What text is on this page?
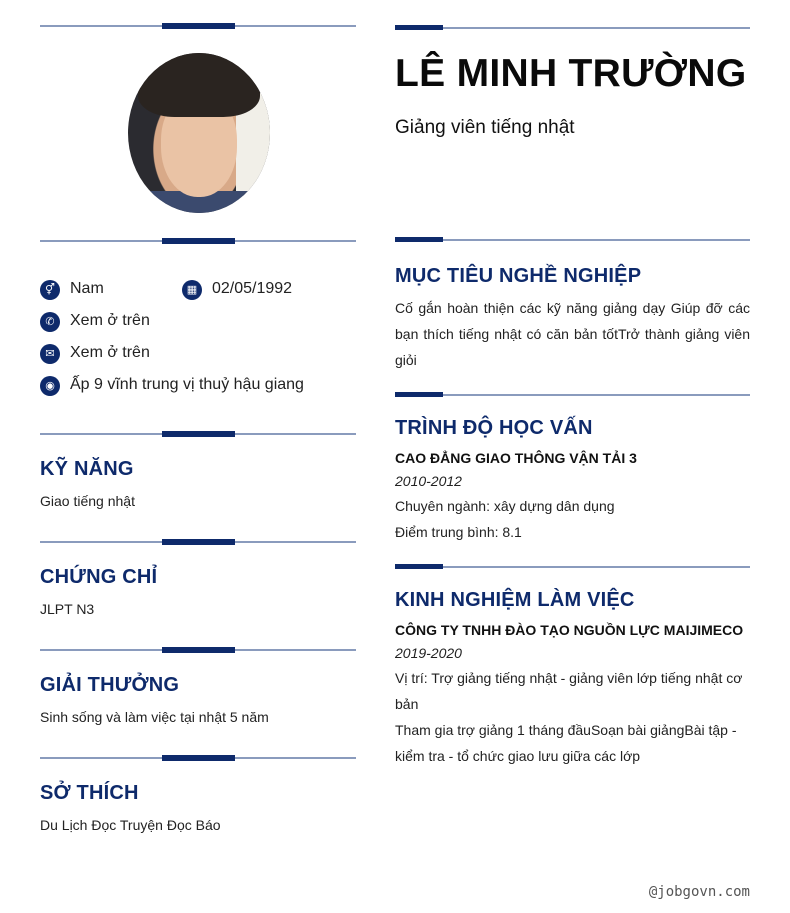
⚥ Nam	▦ 02/05/1992
✆ Xem ở trên
✉ Xem ở trên
◉ Ấp 9 vĩnh trung vị thuỷ hậu giang
KỸ NĂNG
Giao tiếng nhật
CHỨNG CHỈ
JLPT N3
GIẢI THƯỞNG
Sinh sống và làm việc tại nhật 5 năm
SỞ THÍCH
Du Lịch Đọc Truyện Đọc Báo
LÊ MINH TRƯỜNG
Giảng viên tiếng nhật
MỤC TIÊU NGHỀ NGHIỆP
Cố gắn hoàn thiện các kỹ năng giảng dạy Giúp đỡ các bạn thích tiếng nhật có căn bản tốtTrở thành giảng viên giỏi
TRÌNH ĐỘ HỌC VẤN
CAO ĐẲNG GIAO THÔNG VẬN TẢI 3
2010-2012
Chuyên ngành: xây dựng dân dụng
Điểm trung bình: 8.1
KINH NGHIỆM LÀM VIỆC
CÔNG TY TNHH ĐÀO TẠO NGUỒN LỰC MAIJIMECO
2019-2020
Vị trí: Trợ giảng tiếng nhật - giảng viên lớp tiếng nhật cơ bản
Tham gia trợ giảng 1 tháng đầuSoạn bài giảngBài tập - kiểm tra - tổ chức giao lưu giữa các lớp
@jobgovn.com
